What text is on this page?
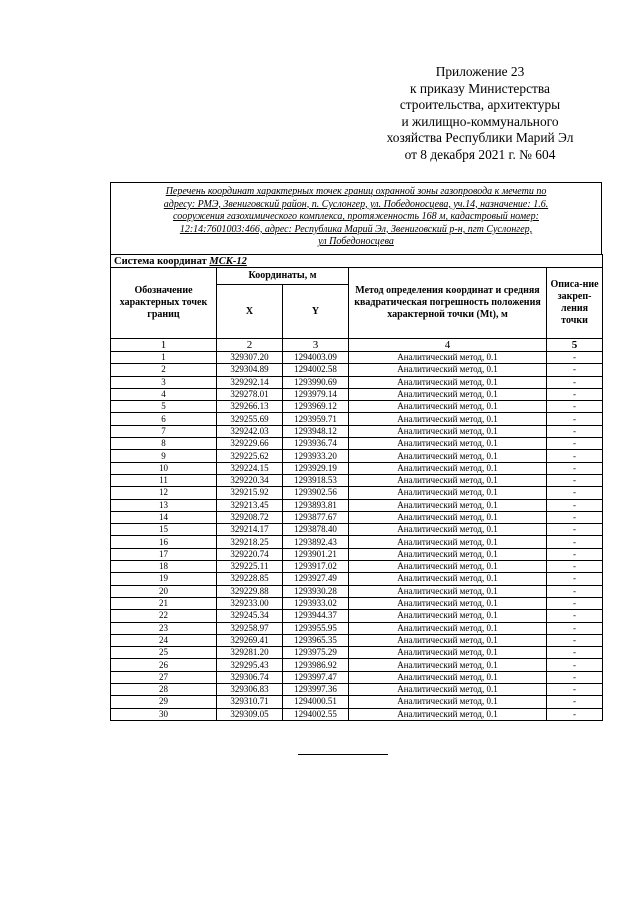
Приложение 23
к приказу Министерства
строительства, архитектуры
и жилищно-коммунального
хозяйства Республики Марий Эл
от 8 декабря 2021 г. № 604
Перечень координат характерных точек границ охранной зоны газопровода к мечети по
адресу: РМЭ, Звениговский район, п. Суслонгер, ул. Победоносцева, уч.14, назначение: 1.6.
сооружения газохимического комплекса, протяженность 168 м, кадастровый номер:
12:14:7601003:466, адрес: Республика Марий Эл, Звениговский р-н, пгт Суслонгер,
ул Победоносцева
Система координат МСК-12				
Обозначение характерных точек границ	Координаты, м		Метод определения координат и средняя квадратическая погрешность положения характерной точки (Mt), м	Описа-ние закреп-ления точки
	X	Y		
1	2	3	4	5
1	329307.20	1294003.09	Аналитический метод, 0.1	-
2	329304.89	1294002.58	Аналитический метод, 0.1	-
3	329292.14	1293990.69	Аналитический метод, 0.1	-
4	329278.01	1293979.14	Аналитический метод, 0.1	-
5	329266.13	1293969.12	Аналитический метод, 0.1	-
6	329255.69	1293959.71	Аналитический метод, 0.1	-
7	329242.03	1293948.12	Аналитический метод, 0.1	-
8	329229.66	1293936.74	Аналитический метод, 0.1	-
9	329225.62	1293933.20	Аналитический метод, 0.1	-
10	329224.15	1293929.19	Аналитический метод, 0.1	-
11	329220.34	1293918.53	Аналитический метод, 0.1	-
12	329215.92	1293902.56	Аналитический метод, 0.1	-
13	329213.45	1293893.81	Аналитический метод, 0.1	-
14	329208.72	1293877.67	Аналитический метод, 0.1	-
15	329214.17	1293878.40	Аналитический метод, 0.1	-
16	329218.25	1293892.43	Аналитический метод, 0.1	-
17	329220.74	1293901.21	Аналитический метод, 0.1	-
18	329225.11	1293917.02	Аналитический метод, 0.1	-
19	329228.85	1293927.49	Аналитический метод, 0.1	-
20	329229.88	1293930.28	Аналитический метод, 0.1	-
21	329233.00	1293933.02	Аналитический метод, 0.1	-
22	329245.34	1293944.37	Аналитический метод, 0.1	-
23	329258.97	1293955.95	Аналитический метод, 0.1	-
24	329269.41	1293965.35	Аналитический метод, 0.1	-
25	329281.20	1293975.29	Аналитический метод, 0.1	-
26	329295.43	1293986.92	Аналитический метод, 0.1	-
27	329306.74	1293997.47	Аналитический метод, 0.1	-
28	329306.83	1293997.36	Аналитический метод, 0.1	-
29	329310.71	1294000.51	Аналитический метод, 0.1	-
30	329309.05	1294002.55	Аналитический метод, 0.1	-
